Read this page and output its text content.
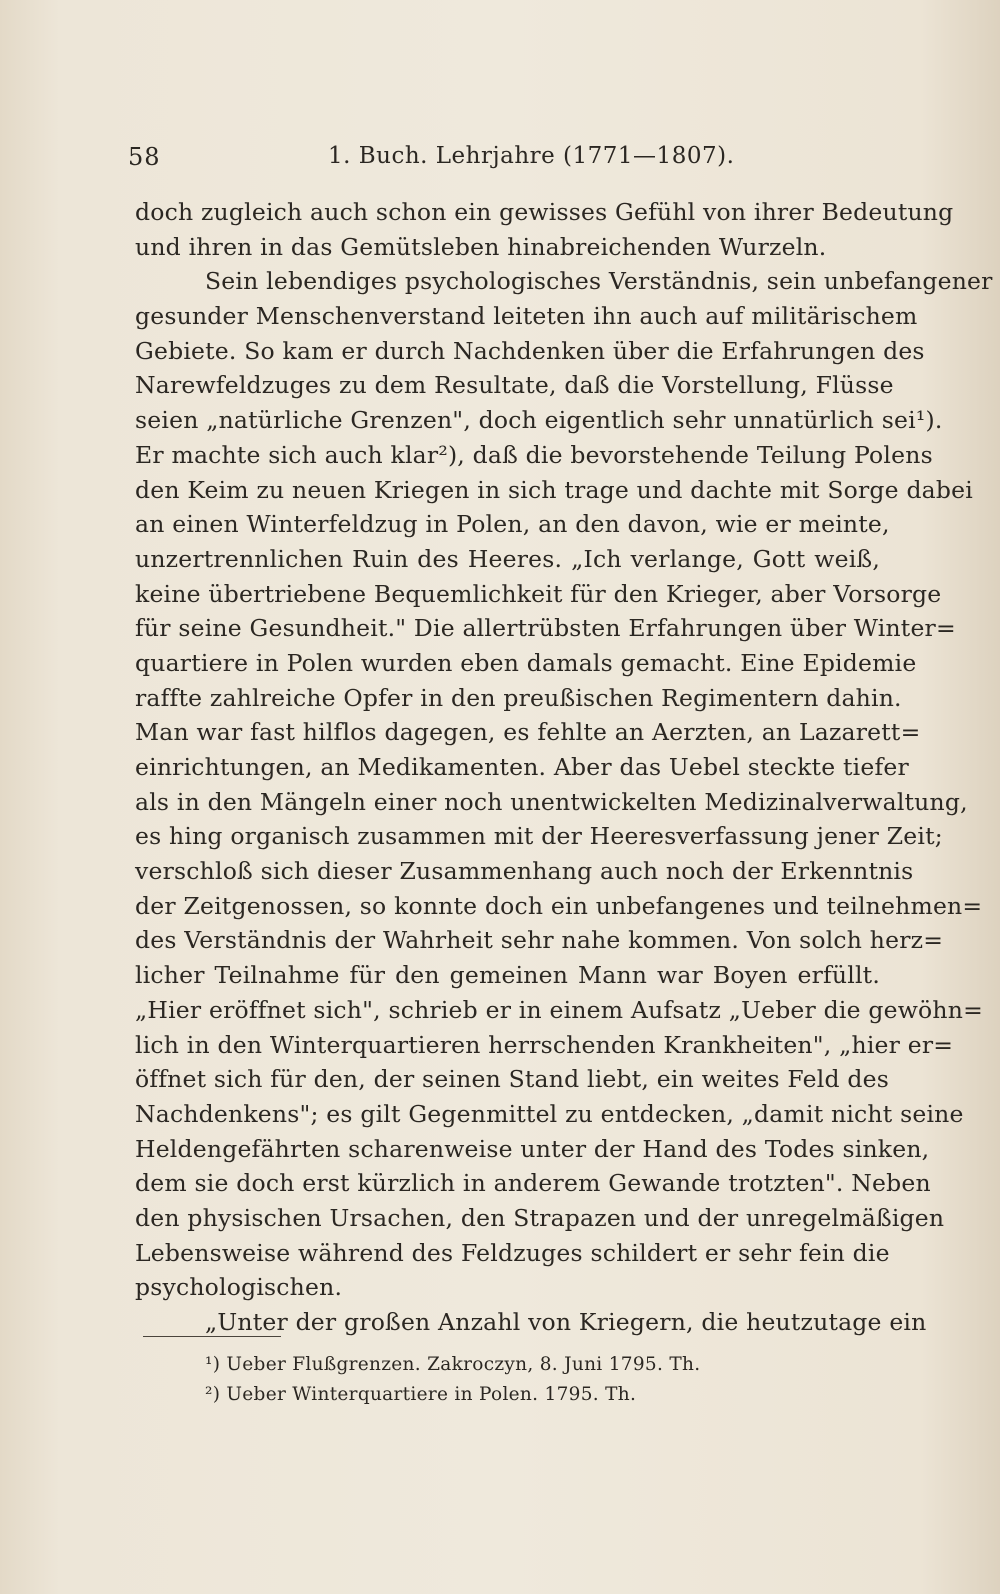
58	1. Buch. Lehrjahre (1771—1807).
doch zugleich auch schon ein gewisses Gefühl von ihrer Bedeutung
und ihren in das Gemütsleben hinabreichenden Wurzeln.
Sein lebendiges psychologisches Verständnis, sein unbefangener
gesunder Menschenverstand leiteten ihn auch auf militärischem
Gebiete. So kam er durch Nachdenken über die Erfahrungen des
Narewfeldzuges zu dem Resultate, daß die Vorstellung, Flüsse
seien „natürliche Grenzen", doch eigentlich sehr unnatürlich sei¹).
Er machte sich auch klar²), daß die bevorstehende Teilung Polens
den Keim zu neuen Kriegen in sich trage und dachte mit Sorge dabei
an einen Winterfeldzug in Polen, an den davon, wie er meinte,
unzertrennlichen Ruin des Heeres. „Ich verlange, Gott weiß,
keine übertriebene Bequemlichkeit für den Krieger, aber Vorsorge
für seine Gesundheit." Die allertrübsten Erfahrungen über Winter=
quartiere in Polen wurden eben damals gemacht. Eine Epidemie
raffte zahlreiche Opfer in den preußischen Regimentern dahin.
Man war fast hilflos dagegen, es fehlte an Aerzten, an Lazarett=
einrichtungen, an Medikamenten. Aber das Uebel steckte tiefer
als in den Mängeln einer noch unentwickelten Medizinalverwaltung,
es hing organisch zusammen mit der Heeresverfassung jener Zeit;
verschloß sich dieser Zusammenhang auch noch der Erkenntnis
der Zeitgenossen, so konnte doch ein unbefangenes und teilnehmen=
des Verständnis der Wahrheit sehr nahe kommen. Von solch herz=
licher Teilnahme für den gemeinen Mann war Boyen erfüllt.
„Hier eröffnet sich", schrieb er in einem Aufsatz „Ueber die gewöhn=
lich in den Winterquartieren herrschenden Krankheiten", „hier er=
öffnet sich für den, der seinen Stand liebt, ein weites Feld des
Nachdenkens"; es gilt Gegenmittel zu entdecken, „damit nicht seine
Heldengefährten scharenweise unter der Hand des Todes sinken,
dem sie doch erst kürzlich in anderem Gewande trotzten". Neben
den physischen Ursachen, den Strapazen und der unregelmäßigen
Lebensweise während des Feldzuges schildert er sehr fein die
psychologischen.
„Unter der großen Anzahl von Kriegern, die heutzutage ein
¹) Ueber Flußgrenzen. Zakroczyn, 8. Juni 1795. Th.
²) Ueber Winterquartiere in Polen. 1795. Th.
